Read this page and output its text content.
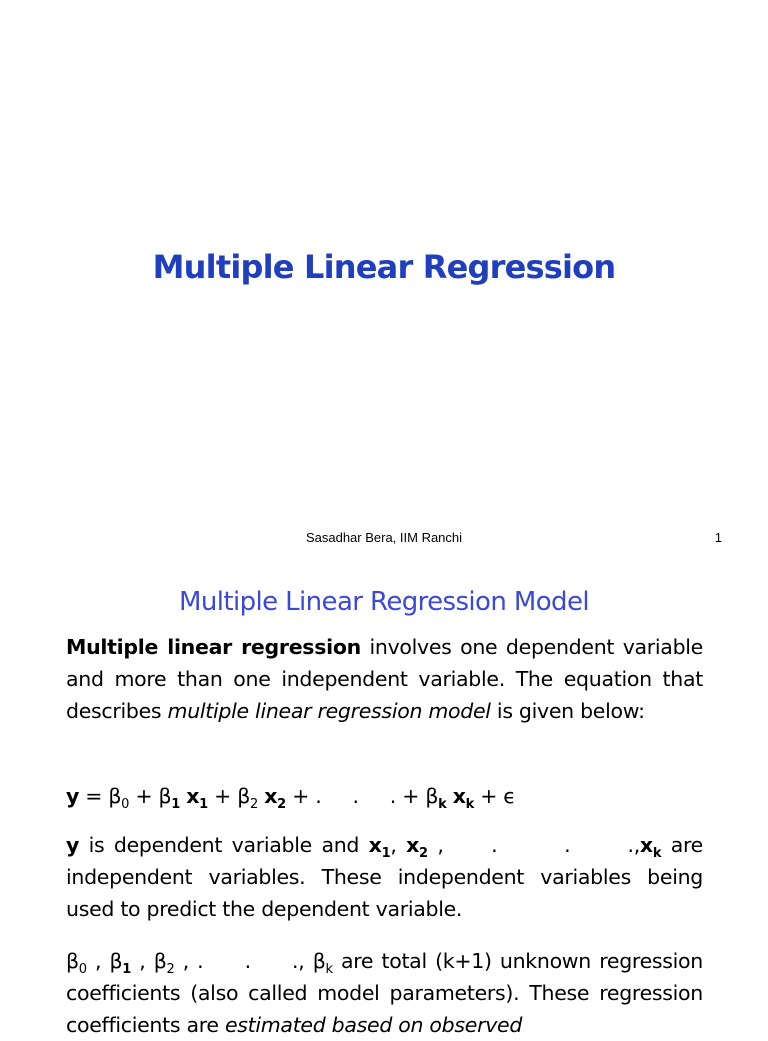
Multiple Linear Regression
Sasadhar Bera, IIM Ranchi	1
Multiple Linear Regression Model
Multiple linear regression involves one dependent variable and more than one independent variable. The equation that describes multiple linear regression model is given below:
$y = \beta_0 + \beta_1$ $x_1 + \beta_2$ $x_2$ + .     .     . + $\beta_k$ $x_k + \epsilon$
y is dependent variable and $x_1$, $x_2$ ,     .       .      $.,x_k$ are independent variables. These independent variables being used to predict the dependent variable.
$\beta_0$ , $\beta_1$ , $\beta_2$ , .     .     ., $\beta_k$ are total (k+1) unknown regression coefficients (also called model parameters). These regression coefficients are estimated based on observed
